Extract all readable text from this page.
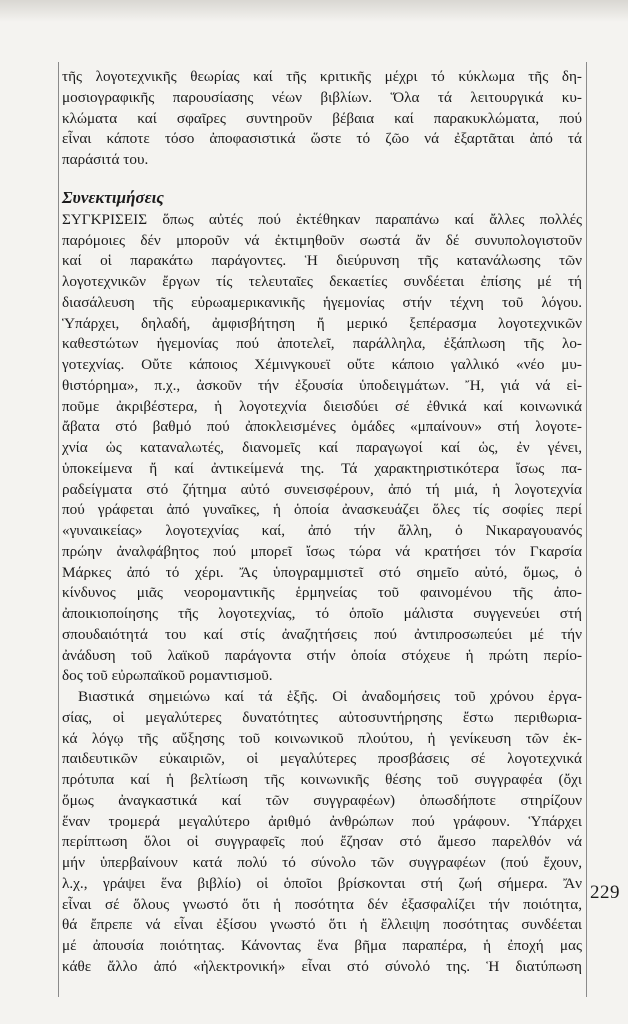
229
τῆς λογοτεχνικῆς θεωρίας καί τῆς κριτικῆς μέχρι τό κύκλωμα τῆς δη-
μοσιογραφικῆς παρουσίασης νέων βιβλίων. Ὅλα τά λειτουργικά κυ-
κλώματα καί σφαῖρες συντηροῦν βέβαια καί παρακυκλώματα, πού
εἶναι κάποτε τόσο ἀποφασιστικά ὥστε τό ζῶο νά ἐξαρτᾶται ἀπό τά
παράσιτά του.
Συνεκτιμήσεις
ΣΥΓΚΡΙΣΕΙΣ ὅπως αὐτές πού ἐκτέθηκαν παραπάνω καί ἄλλες πολλές
παρόμοιες δέν μποροῦν νά ἐκτιμηθοῦν σωστά ἄν δέ συνυπολογιστοῦν
καί οἱ παρακάτω παράγοντες. Ἡ διεύρυνση τῆς κατανάλωσης τῶν
λογοτεχνικῶν ἔργων τίς τελευταῖες δεκαετίες συνδέεται ἐπίσης μέ τή
διασάλευση τῆς εὐρωαμερικανικῆς ἡγεμονίας στήν τέχνη τοῦ λόγου.
Ὑπάρχει, δηλαδή, ἀμφισβήτηση ἤ μερικό ξεπέρασμα λογοτεχνικῶν
καθεστώτων ἡγεμονίας πού ἀποτελεῖ, παράλληλα, ἐξάπλωση τῆς λο-
γοτεχνίας. Οὔτε κάποιος Χέμινγκουεϊ οὔτε κάποιο γαλλικό «νέο μυ-
θιστόρημα», π.χ., ἀσκοῦν τήν ἐξουσία ὑποδειγμάτων. Ἤ, γιά νά εἰ-
ποῦμε ἀκριβέστερα, ἡ λογοτεχνία διεισδύει σέ ἐθνικά καί κοινωνικά
ἄβατα στό βαθμό πού ἀποκλεισμένες ὁμάδες «μπαίνουν» στή λογοτε-
χνία ὡς καταναλωτές, διανομεῖς καί παραγωγοί καί ὡς, ἐν γένει,
ὑποκείμενα ἤ καί ἀντικείμενά της. Τά χαρακτηριστικότερα ἴσως πα-
ραδείγματα στό ζήτημα αὐτό συνεισφέρουν, ἀπό τή μιά, ἡ λογοτεχνία
πού γράφεται ἀπό γυναῖκες, ἡ ὁποία ἀνασκευάζει ὅλες τίς σοφίες περί
«γυναικείας» λογοτεχνίας καί, ἀπό τήν ἄλλη, ὁ Νικαραγουανός
πρώην ἀναλφάβητος πού μπορεῖ ἴσως τώρα νά κρατήσει τόν Γκαρσία
Μάρκες ἀπό τό χέρι. Ἄς ὑπογραμμιστεῖ στό σημεῖο αὐτό, ὅμως, ὁ
κίνδυνος μιᾶς νεορομαντικῆς ἑρμηνείας τοῦ φαινομένου τῆς ἀπο-
ἀποικιοποίησης τῆς λογοτεχνίας, τό ὁποῖο μάλιστα συγγενεύει στή
σπουδαιότητά του καί στίς ἀναζητήσεις πού ἀντιπροσωπεύει μέ τήν
ἀνάδυση τοῦ λαϊκοῦ παράγοντα στήν ὁποία στόχευε ἡ πρώτη περίο-
δος τοῦ εὐρωπαϊκοῦ ρομαντισμοῦ.
Βιαστικά σημειώνω καί τά ἑξῆς. Οἱ ἀναδομήσεις τοῦ χρόνου ἐργα-
σίας, οἱ μεγαλύτερες δυνατότητες αὐτοσυντήρησης ἔστω περιθωρια-
κά λόγῳ τῆς αὔξησης τοῦ κοινωνικοῦ πλούτου, ἡ γενίκευση τῶν ἐκ-
παιδευτικῶν εὐκαιριῶν, οἱ μεγαλύτερες προσβάσεις σέ λογοτεχνικά
πρότυπα καί ἡ βελτίωση τῆς κοινωνικῆς θέσης τοῦ συγγραφέα (ὄχι
ὅμως ἀναγκαστικά καί τῶν συγγραφέων) ὁπωσδήποτε στηρίζουν
ἕναν τρομερά μεγαλύτερο ἀριθμό ἀνθρώπων πού γράφουν. Ὑπάρχει
περίπτωση ὅλοι οἱ συγγραφεῖς πού ἔζησαν στό ἄμεσο παρελθόν νά
μήν ὑπερβαίνουν κατά πολύ τό σύνολο τῶν συγγραφέων (πού ἔχουν,
λ.χ., γράψει ἕνα βιβλίο) οἱ ὁποῖοι βρίσκονται στή ζωή σήμερα. Ἄν
εἶναι σέ ὅλους γνωστό ὅτι ἡ ποσότητα δέν ἐξασφαλίζει τήν ποιότητα,
θά ἔπρεπε νά εἶναι ἐξίσου γνωστό ὅτι ἡ ἔλλειψη ποσότητας συνδέεται
μέ ἀπουσία ποιότητας. Κάνοντας ἕνα βῆμα παραπέρα, ἡ ἐποχή μας
κάθε ἄλλο ἀπό «ἠλεκτρονική» εἶναι στό σύνολό της. Ἡ διατύπωση
